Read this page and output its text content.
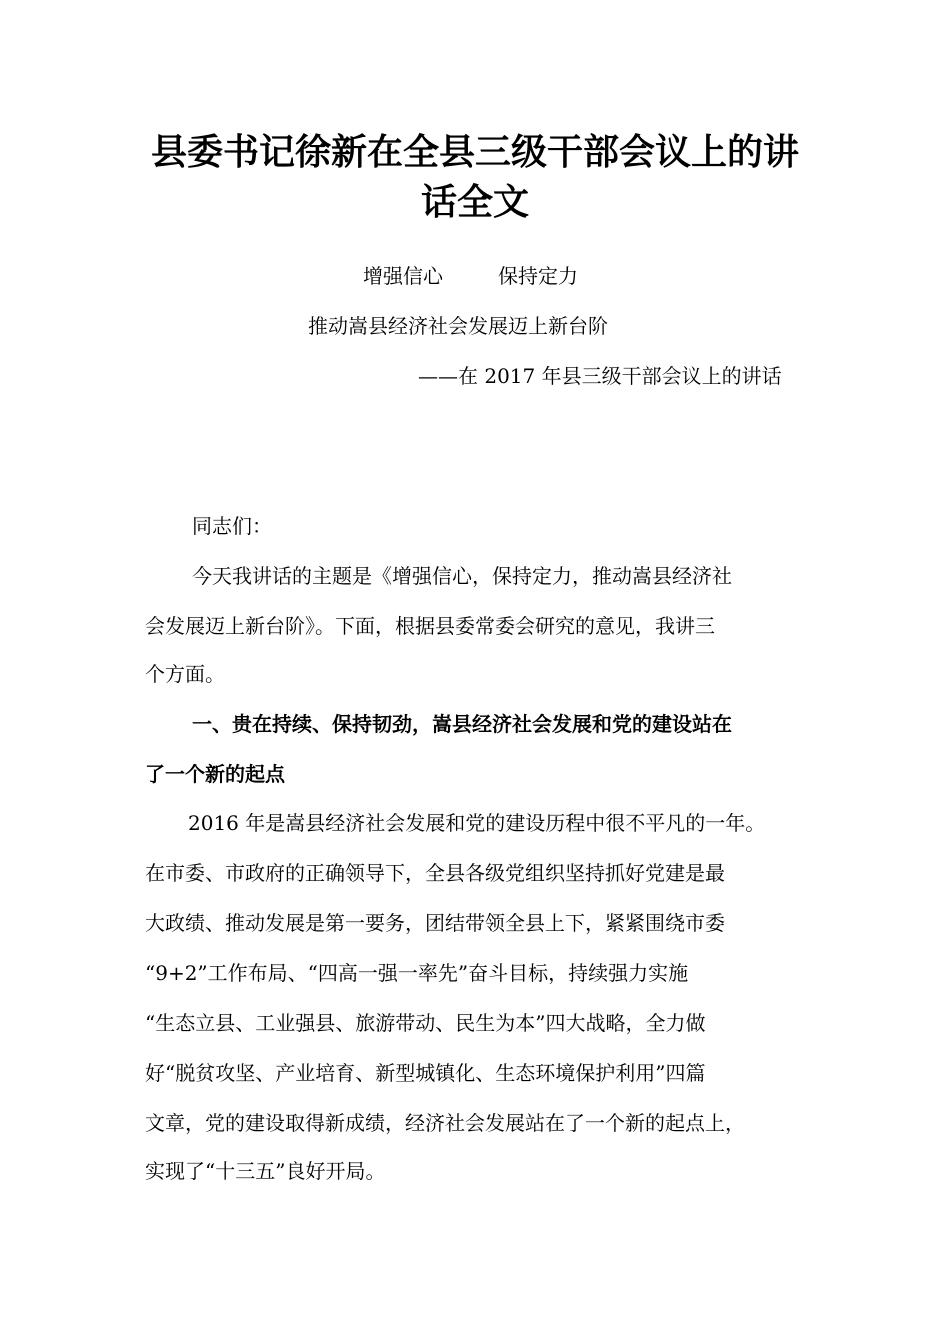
县委书记徐新在全县三级干部会议上的讲
话全文

增强信心	保持定力

推动嵩县经济社会发展迈上新台阶

——在 2017 年县三级干部会议上的讲话

同志们：

今天我讲话的主题是《增强信心，保持定力，推动嵩县经济社

会发展迈上新台阶》。下面，根据县委常委会研究的意见，我讲三

个方面。

一、贵在持续、保持韧劲，嵩县经济社会发展和党的建设站在

了一个新的起点

2016 年是嵩县经济社会发展和党的建设历程中很不平凡的一年。

在市委、市政府的正确领导下，全县各级党组织坚持抓好党建是最

大政绩、推动发展是第一要务，团结带领全县上下，紧紧围绕市委

“9+2”工作布局、“四高一强一率先”奋斗目标，持续强力实施

“生态立县、工业强县、旅游带动、民生为本”四大战略，全力做

好“脱贫攻坚、产业培育、新型城镇化、生态环境保护利用”四篇

文章，党的建设取得新成绩，经济社会发展站在了一个新的起点上，

实现了“十三五”良好开局。
